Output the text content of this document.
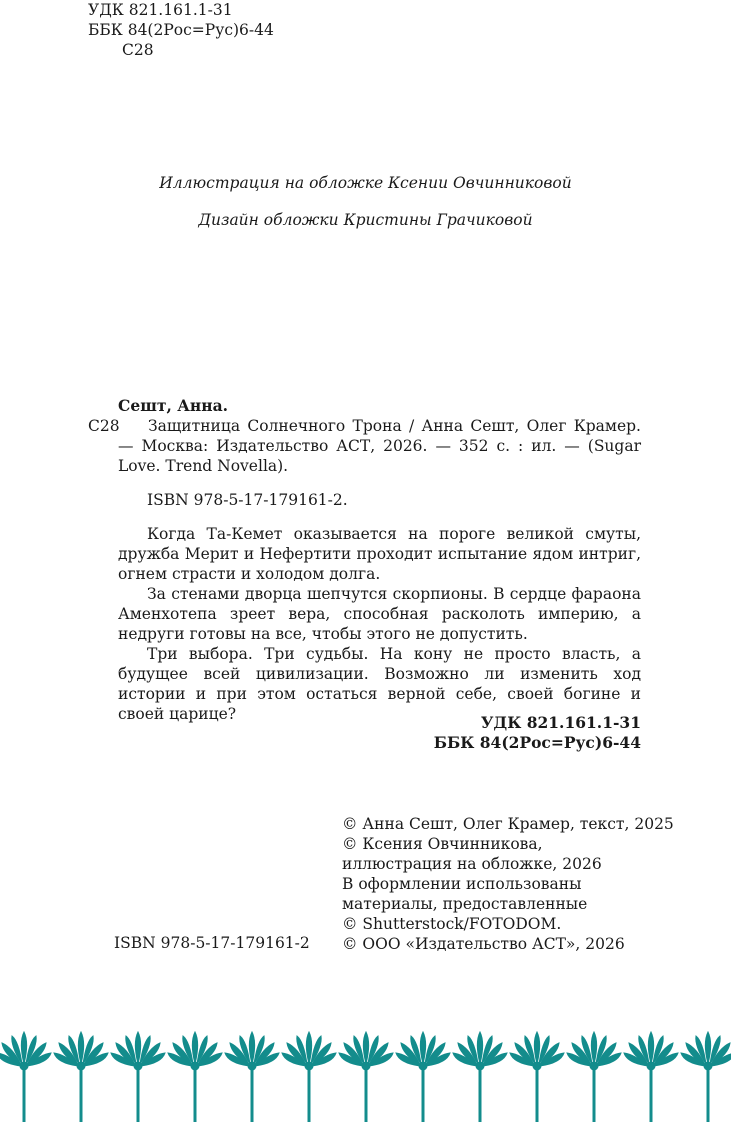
УДК 821.161.1-31
ББК 84(2Рос=Рус)6-44
С28
Иллюстрация на обложке Ксении Овчинниковой
Дизайн обложки Кристины Грачиковой

Сешт, Анна.

С28 Защитница Солнечного Трона / Анна Сешт, Олег Крамер. — Москва: Издательство АСТ, 2026. — 352 с. : ил. — (Sugar Love. Trend Novella).

ISBN 978-5-17-179161-2.

Когда Та-Кемет оказывается на пороге великой смуты, дружба Мерит и Нефертити проходит испытание ядом интриг, огнем страсти и холодом долга.

За стенами дворца шепчутся скорпионы. В сердце фараона Аменхотепа зреет вера, способная расколоть империю, а недруги готовы на все, чтобы этого не допустить.

Три выбора. Три судьбы. На кону не просто власть, а будущее всей цивилизации. Возможно ли изменить ход истории и при этом остаться верной себе, своей богине и своей царице?	УДК 821.161.1-31
ББК 84(2Рос=Рус)6-44
© Анна Сешт, Олег Крамер, текст, 2025
© Ксения Овчинникова,
иллюстрация на обложке, 2026
В оформлении использованы
материалы, предоставленные
© Shutterstock/FOTODOM.
© ООО «Издательство АСТ», 2026
ISBN 978-5-17-179161-2
